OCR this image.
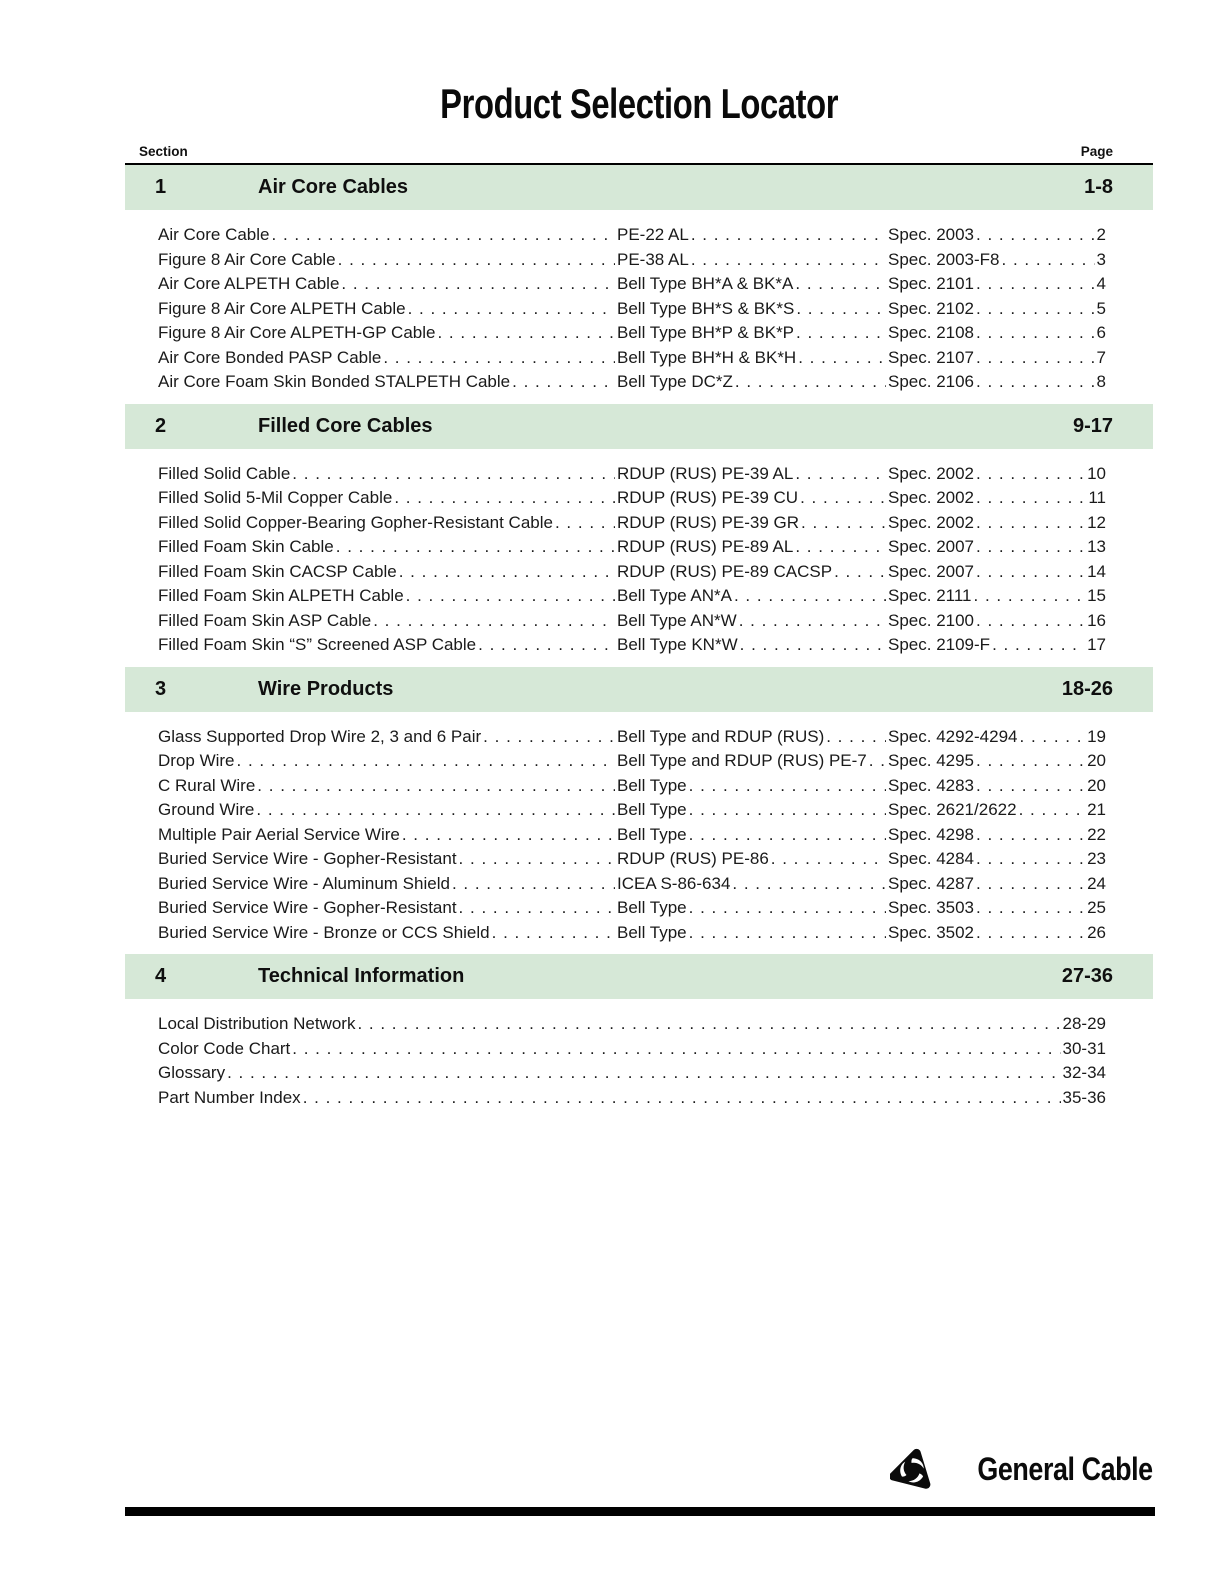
Product Selection Locator
Section	Page
1	Air Core Cables	1-8
Air Core Cable . . .	PE-22 AL . . .	Spec. 2003 . . .	2
Figure 8 Air Core Cable . . .	PE-38 AL . . .	Spec. 2003-F8 . . .	3
Air Core ALPETH Cable . . .	Bell Type BH*A & BK*A . . .	Spec. 2101 . . .	4
Figure 8 Air Core ALPETH Cable . . .	Bell Type BH*S & BK*S . . .	Spec. 2102 . . .	5
Figure 8 Air Core ALPETH-GP Cable . . .	Bell Type BH*P & BK*P . . .	Spec. 2108 . . .	6
Air Core Bonded PASP Cable . . .	Bell Type BH*H & BK*H . . .	Spec. 2107 . . .	7
Air Core Foam Skin Bonded STALPETH Cable . . .	Bell Type DC*Z . . .	Spec. 2106 . . .	8
2	Filled Core Cables	9-17
Filled Solid Cable . . .	RDUP (RUS) PE-39 AL . . .	Spec. 2002 . . .	10
Filled Solid 5-Mil Copper Cable . . .	RDUP (RUS) PE-39 CU . . .	Spec. 2002 . . .	11
Filled Solid Copper-Bearing Gopher-Resistant Cable . . .	RDUP (RUS) PE-39 GR . . .	Spec. 2002 . . .	12
Filled Foam Skin Cable . . .	RDUP (RUS) PE-89 AL . . .	Spec. 2007 . . .	13
Filled Foam Skin CACSP Cable . . .	RDUP (RUS) PE-89 CACSP . . .	Spec. 2007 . . .	14
Filled Foam Skin ALPETH Cable . . .	Bell Type AN*A . . .	Spec. 2111 . . .	15
Filled Foam Skin ASP Cable . . .	Bell Type AN*W . . .	Spec. 2100 . . .	16
Filled Foam Skin “S” Screened ASP Cable . . .	Bell Type KN*W . . .	Spec. 2109-F . . .	17
3	Wire Products	18-26
Glass Supported Drop Wire 2, 3 and 6 Pair . . .	Bell Type and RDUP (RUS) . . .	Spec. 4292-4294 . . .	19
Drop Wire . . .	Bell Type and RDUP (RUS) PE-7 . . . Spec. 4295 . . .	20
C Rural Wire . . .	Bell Type . . .	Spec. 4283 . . .	20
Ground Wire . . .	Bell Type . . .	Spec. 2621/2622 . . .	21
Multiple Pair Aerial Service Wire . . .	Bell Type . . .	Spec. 4298 . . .	22
Buried Service Wire - Gopher-Resistant . . .	RDUP (RUS) PE-86 . . .	Spec. 4284 . . .	23
Buried Service Wire - Aluminum Shield . . .	ICEA S-86-634 . . .	Spec. 4287 . . .	24
Buried Service Wire - Gopher-Resistant . . .	Bell Type . . .	Spec. 3503 . . .	25
Buried Service Wire - Bronze or CCS Shield . . .	Bell Type . . .	Spec. 3502 . . .	26
4	Technical Information	27-36
Local Distribution Network . . .	28-29
Color Code Chart . . .	30-31
Glossary . . .	32-34
Part Number Index . . .	35-36
General Cable
